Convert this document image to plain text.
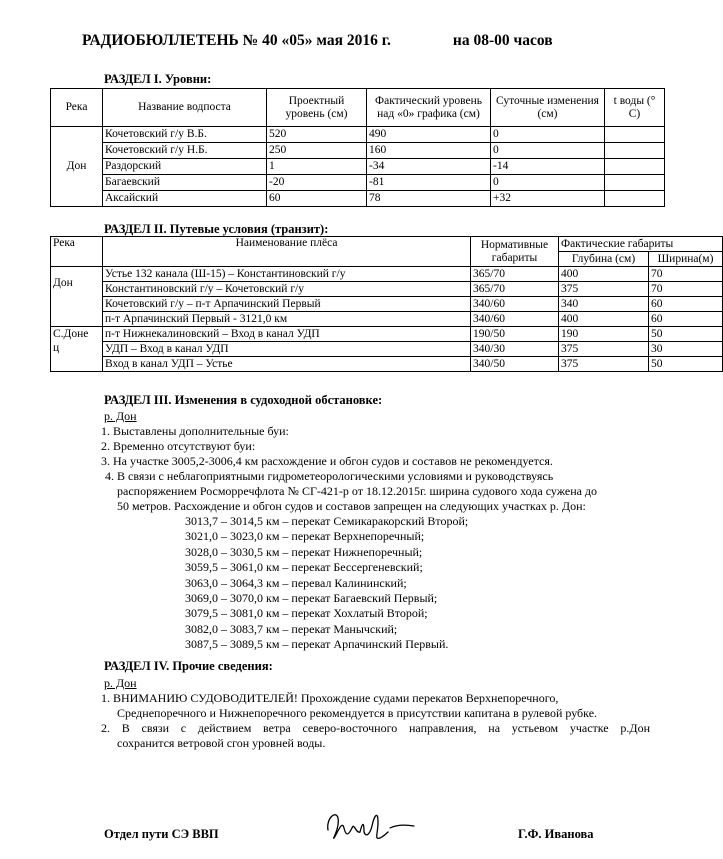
РАДИОБЮЛЛЕТЕНЬ № 40 «05» мая 2016 г.	на 08-00 часов
РАЗДЕЛ I. Уровни:
Река	Название водпоста	Проектный уровень (см)	Фактический уровень над «0» графика (см)	Суточные изменения (см)	t воды (° С)
Дон	Кочетовский г/у В.Б.	520	490	0	
	Кочетовский г/у Н.Б.	250	160	0	
	Раздорский	1	-34	-14	
	Багаевский	-20	-81	0	
	Аксайский	60	78	+32	
РАЗДЕЛ II. Путевые условия (транзит):
Река	Наименование плёса	Нормативные габариты	Фактические габариты	
			Глубина (см)	Ширина(м)
Дон	Устье 132 канала (Ш-15) – Константиновский г/у	365/70	400	70
	Константиновский г/у – Кочетовский г/у	365/70	375	70
	Кочетовский г/у – п-т Арпачинский Первый	340/60	340	60
	п-т Арпачинский Первый - 3121,0 км	340/60	400	60
С.Доне
ц	п-т Нижнекалиновский – Вход в канал УДП	190/50	190	50
	УДП – Вход в канал УДП	340/30	375	30
	Вход в канал УДП – Устье	340/50	375	50
РАЗДЕЛ III. Изменения в судоходной обстановке:
р. Дон
1. Выставлены дополнительные буи:
2. Временно отсутствуют буи:
3. На участке 3005,2-3006,4 км расхождение и обгон судов и составов не рекомендуется.
4. В связи с неблагоприятными гидрометеорологическими условиями и руководствуясь
распоряжением Росморречфлота № СГ-421-р от 18.12.2015г. ширина судового хода сужена до
50 метров. Расхождение и обгон судов и составов запрещен на следующих участках р. Дон:
3013,7 – 3014,5 км – перекат Семикаракорский Второй;
3021,0 – 3023,0 км – перекат Верхнепоречный;
3028,0 – 3030,5 км – перекат Нижнепоречный;
3059,5 – 3061,0 км – перекат Бессергеневский;
3063,0 – 3064,3 км – перевал Калининский;
3069,0 – 3070,0 км – перекат Багаевский Первый;
3079,5 – 3081,0 км – перекат Хохлатый Второй;
3082,0 – 3083,7 км – перекат Манычский;
3087,5 – 3089,5 км – перекат Арпачинский Первый.
РАЗДЕЛ IV. Прочие сведения:
р. Дон
1. ВНИМАНИЮ СУДОВОДИТЕЛЕЙ! Прохождение судами перекатов Верхнепоречного,
Среднепоречного и Нижнепоречного рекомендуется в присутствии капитана в рулевой рубке.
2. В связи с действием ветра северо-восточного направления, на устьевом участке р.Дон
сохранится ветровой сгон уровней воды.
Отдел пути СЭ ВВП	Г.Ф. Иванова
